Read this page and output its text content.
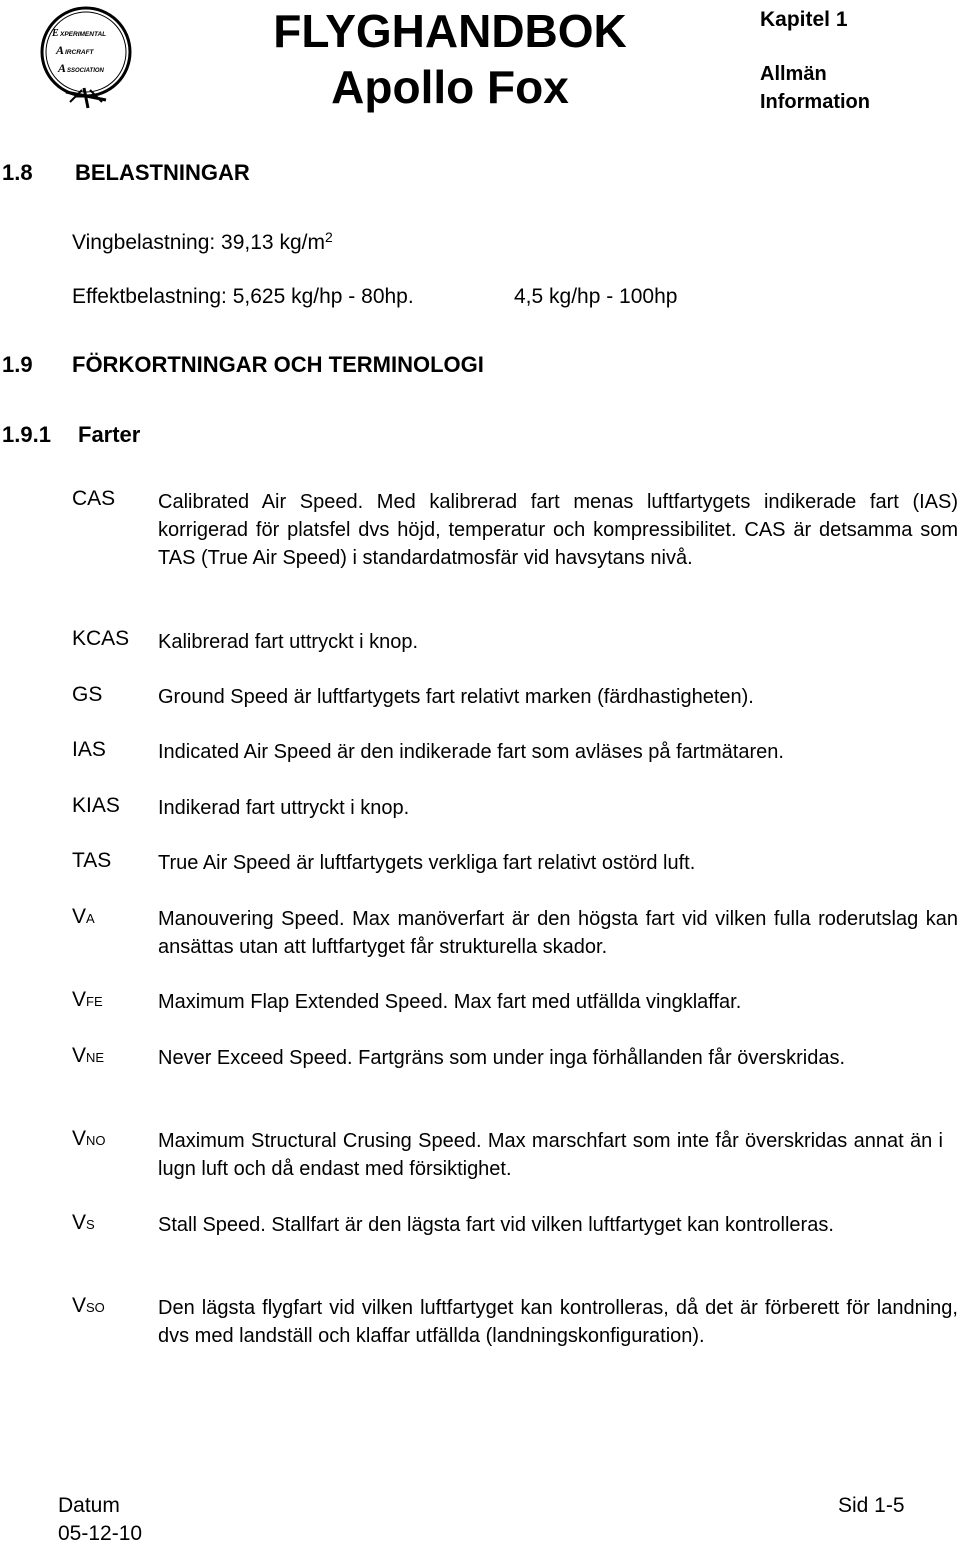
E XPERIMENTAL
A IRCRAFT
A SSOCIATION
FLYGHANDBOK
Apollo Fox
Kapitel 1
Allmän
Information
1.8 BELASTNINGAR
Vingbelastning: 39,13 $kg/m^2$
Effektbelastning: 5,625 kg/hp - 80hp.	4,5 kg/hp - 100hp
1.9 FÖRKORTNINGAR OCH TERMINOLOGI
1.9.1 Farter
CAS Calibrated Air Speed. Med kalibrerad fart menas luftfartygets indikerade fart (IAS) korrigerad för platsfel dvs höjd, temperatur och kompressibilitet. CAS är detsamma som TAS (True Air Speed) i standardatmosfär vid havsytans nivå.
KCAS Kalibrerad fart uttryckt i knop.
GS	Ground Speed är luftfartygets fart relativt marken (färdhastigheten).
IAS	Indicated Air Speed är den indikerade fart som avläses på fartmätaren.
KIAS Indikerad fart uttryckt i knop.
TAS True Air Speed är luftfartygets verkliga fart relativt ostörd luft.
VA	Manouvering Speed. Max manöverfart är den högsta fart vid vilken fulla roderutslag kan ansättas utan att luftfartyget får strukturella skador.
VFE	Maximum Flap Extended Speed. Max fart med utfällda vingklaffar.
VNE	Never Exceed Speed. Fartgräns som under inga förhållanden får överskridas.
VNO	Maximum Structural Crusing Speed. Max marschfart som inte får överskridas annat än i lugn luft och då endast med försiktighet.
VS	Stall Speed. Stallfart är den lägsta fart vid vilken luftfartyget kan kontrolleras.
VSO	Den lägsta flygfart vid vilken luftfartyget kan kontrolleras, då det är förberett för landning, dvs med landställ och klaffar utfällda (landningskonfiguration).
Datum
05-12-10
Sid 1-5
